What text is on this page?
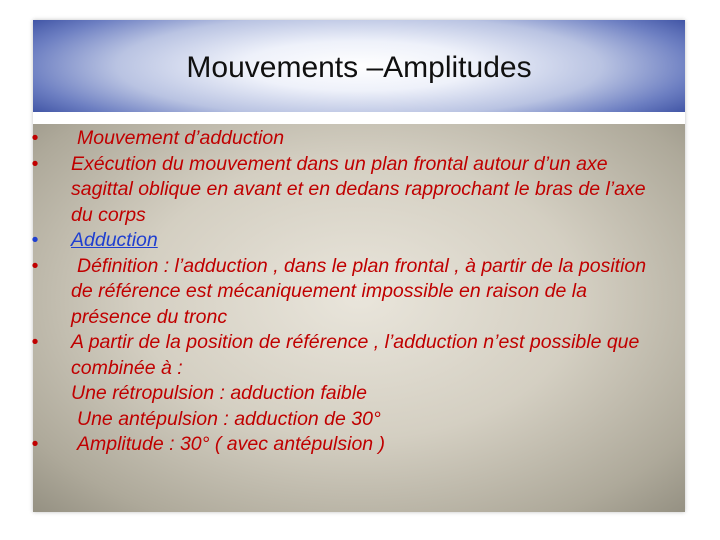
Mouvements –Amplitudes
•	Mouvement d’adduction
•	Exécution du mouvement dans un plan frontal autour d’un axe sagittal oblique en avant et en dedans rapprochant le bras de l’axe du corps
•	Adduction
•	Définition : l’adduction , dans le plan frontal , à partir de la position de référence est mécaniquement impossible en raison de la présence du tronc
•	A partir de la position de référence , l’adduction n’est possible que combinée à :
Une rétropulsion : adduction faible
Une antépulsion : adduction de 30°
•	Amplitude : 30° ( avec antépulsion )
